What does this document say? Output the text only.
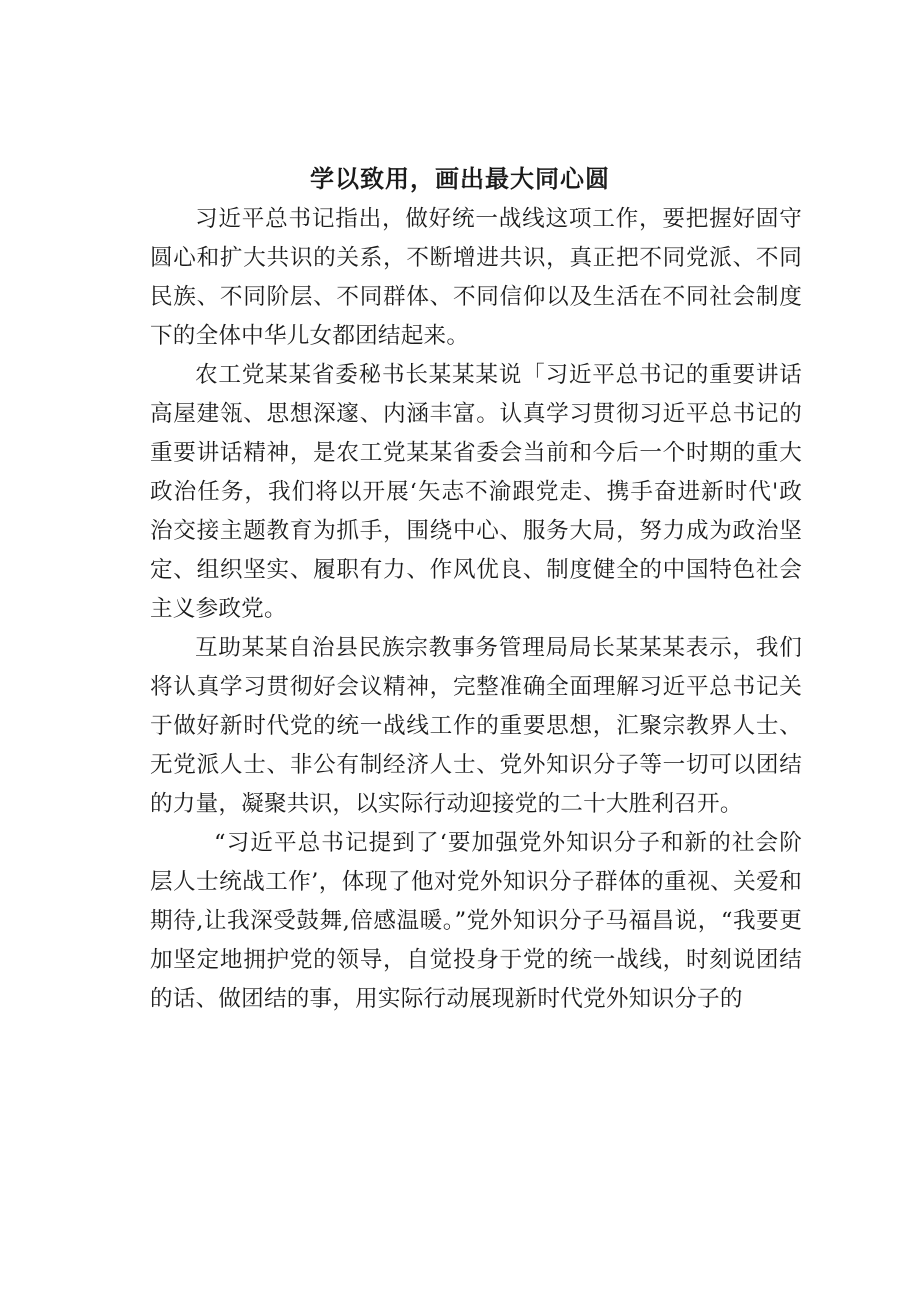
学以致用，画出最大同心圆

习近平总书记指出，做好统一战线这项工作，要把握好固守圆心和扩大共识的关系，不断增进共识，真正把不同党派、不同民族、不同阶层、不同群体、不同信仰以及生活在不同社会制度下的全体中华儿女都团结起来。

农工党某某省委秘书长某某某说「习近平总书记的重要讲话高屋建瓴、思想深邃、内涵丰富。认真学习贯彻习近平总书记的重要讲话精神，是农工党某某省委会当前和今后一个时期的重大政治任务，我们将以开展‘矢志不渝跟党走、携手奋进新时代'政治交接主题教育为抓手，围绕中心、服务大局，努力成为政治坚定、组织坚实、履职有力、作风优良、制度健全的中国特色社会主义参政党。

互助某某自治县民族宗教事务管理局局长某某某表示，我们将认真学习贯彻好会议精神，完整准确全面理解习近平总书记关于做好新时代党的统一战线工作的重要思想，汇聚宗教界人士、无党派人士、非公有制经济人士、党外知识分子等一切可以团结的力量，凝聚共识，以实际行动迎接党的二十大胜利召开。

“习近平总书记提到了‘要加强党外知识分子和新的社会阶层人士统战工作’，体现了他对党外知识分子群体的重视、关爱和期待,让我深受鼓舞,倍感温暖。”党外知识分子马福昌说，“我要更加坚定地拥护党的领导，自觉投身于党的统一战线，时刻说团结的话、做团结的事，用实际行动展现新时代党外知识分子的
